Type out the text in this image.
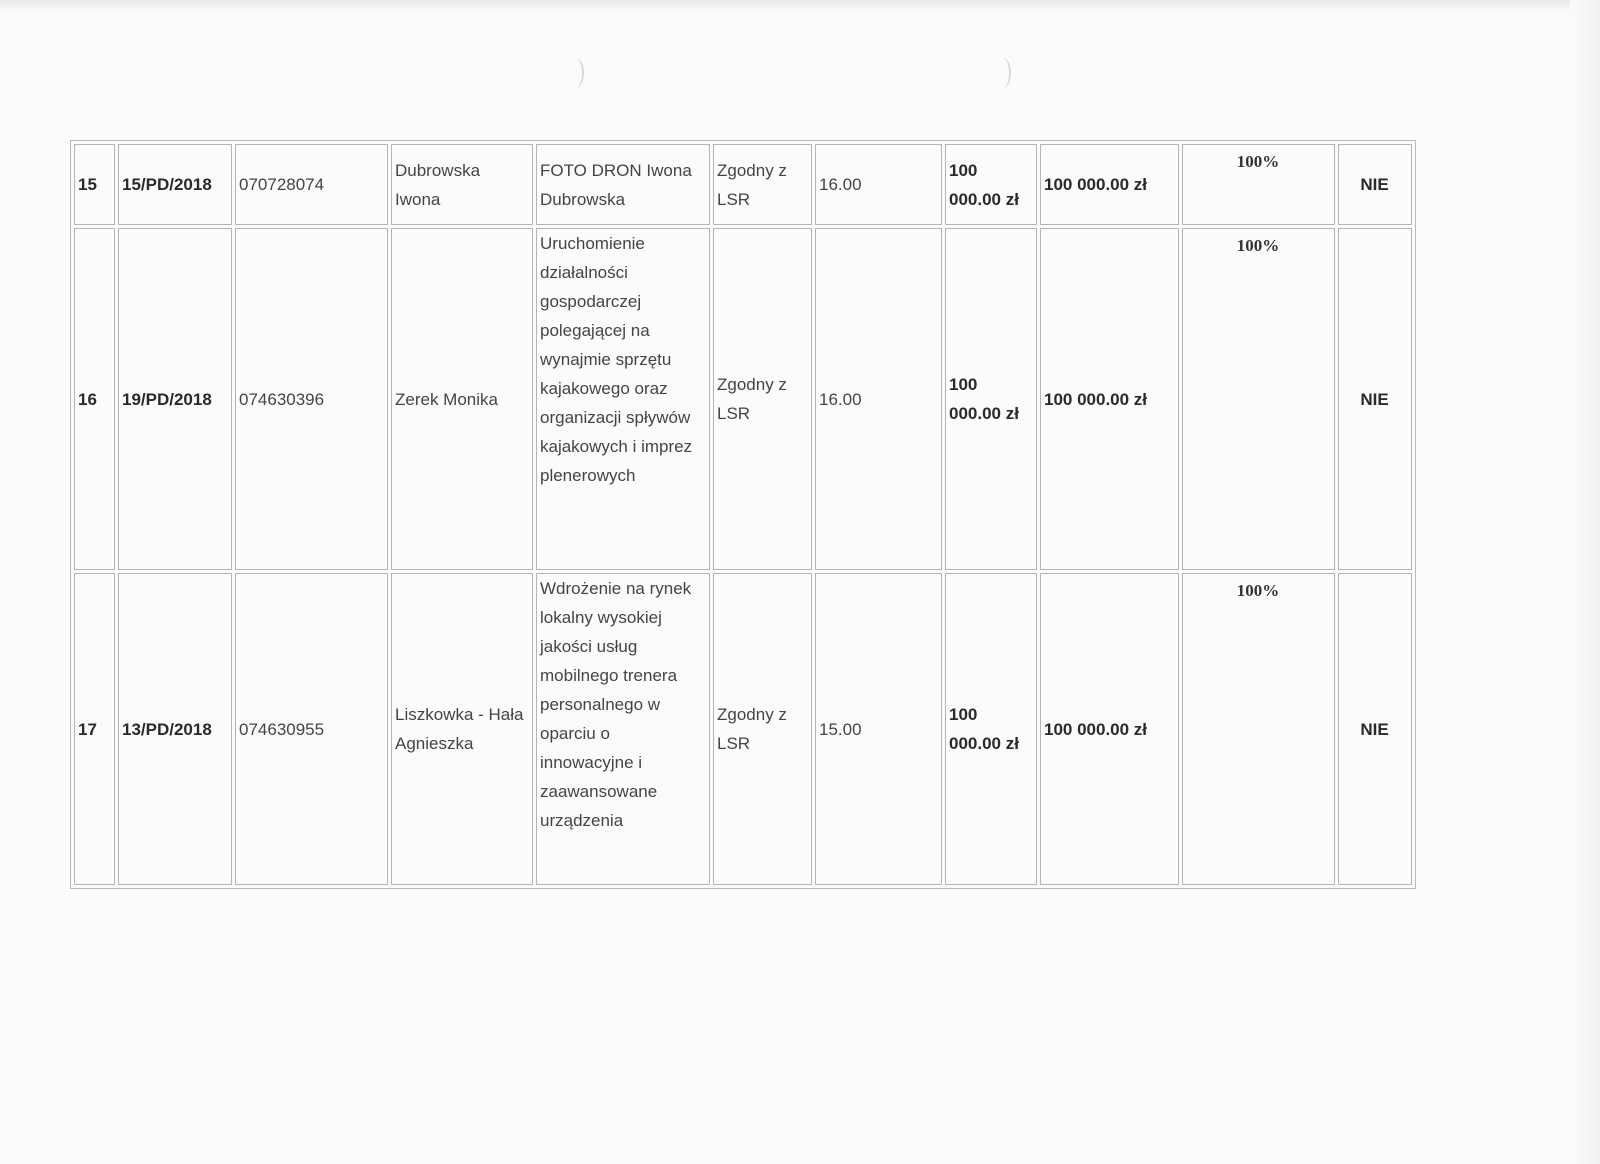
15	15/PD/2018	070728074	Dubrowska Iwona	FOTO DRON Iwona Dubrowska	Zgodny z LSR	16.00	100 000.00 zł	100 000.00 zł	100%	NIE
16	19/PD/2018	074630396	Zerek Monika	Uruchomienie działalności gospodarczej polegającej na wynajmie sprzętu kajakowego oraz organizacji spływów kajakowych i imprez plenerowych	Zgodny z LSR	16.00	100 000.00 zł	100 000.00 zł	100%	NIE
17	13/PD/2018	074630955	Liszkowka - Hała Agnieszka	Wdrożenie na rynek lokalny wysokiej jakości usług mobilnego trenera personalnego w oparciu o innowacyjne i zaawansowane urządzenia	Zgodny z LSR	15.00	100 000.00 zł	100 000.00 zł	100%	NIE
